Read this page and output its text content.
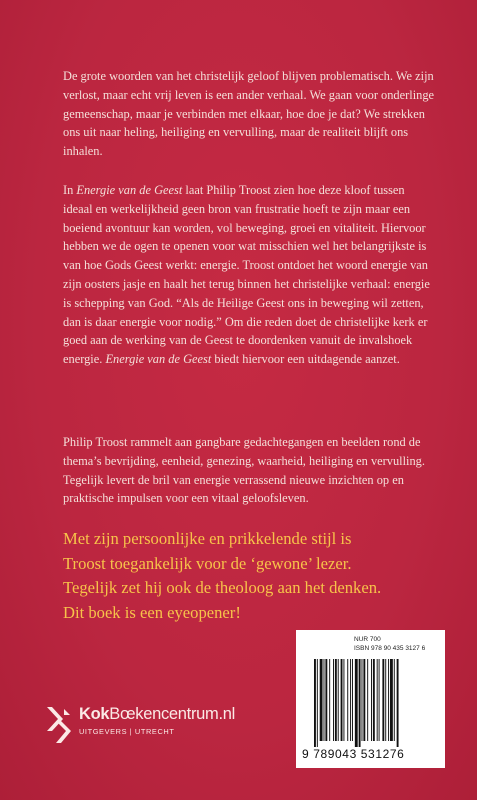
De grote woorden van het christelijk geloof blijven problematisch. We zijn verlost, maar echt vrij leven is een ander verhaal. We gaan voor onderlinge gemeenschap, maar je verbinden met elkaar, hoe doe je dat? We strekken ons uit naar heling, heiliging en vervulling, maar de realiteit blijft ons inhalen.

In Energie van de Geest laat Philip Troost zien hoe deze kloof tussen ideaal en werkelijkheid geen bron van frustratie hoeft te zijn maar een boeiend avontuur kan worden, vol beweging, groei en vitaliteit. Hiervoor hebben we de ogen te openen voor wat misschien wel het belangrijkste is van hoe Gods Geest werkt: energie. Troost ontdoet het woord energie van zijn oosters jasje en haalt het terug binnen het christelijke verhaal: energie is schepping van God. “Als de Heilige Geest ons in beweging wil zetten, dan is daar energie voor nodig.” Om die reden doet de christelijke kerk er goed aan de werking van de Geest te doordenken vanuit de invalshoek energie. Energie van de Geest biedt hiervoor een uitdagende aanzet.

Philip Troost rammelt aan gangbare gedachtegangen en beelden rond de thema’s bevrijding, eenheid, genezing, waarheid, heiliging en vervulling. Tegelijk levert de bril van energie verrassend nieuwe inzichten op en praktische impulsen voor een vitaal geloofsleven.

Met zijn persoonlijke en prikkelende stijl is
Troost toegankelijk voor de ‘gewone’ lezer.
Tegelijk zet hij ook de theoloog aan het denken.
Dit boek is een eyeopener!
KokBœkencentrum.nl
UITGEVERS | UTRECHT
NUR 700
ISBN 978 90 435 3127 6
9 789043 531276
